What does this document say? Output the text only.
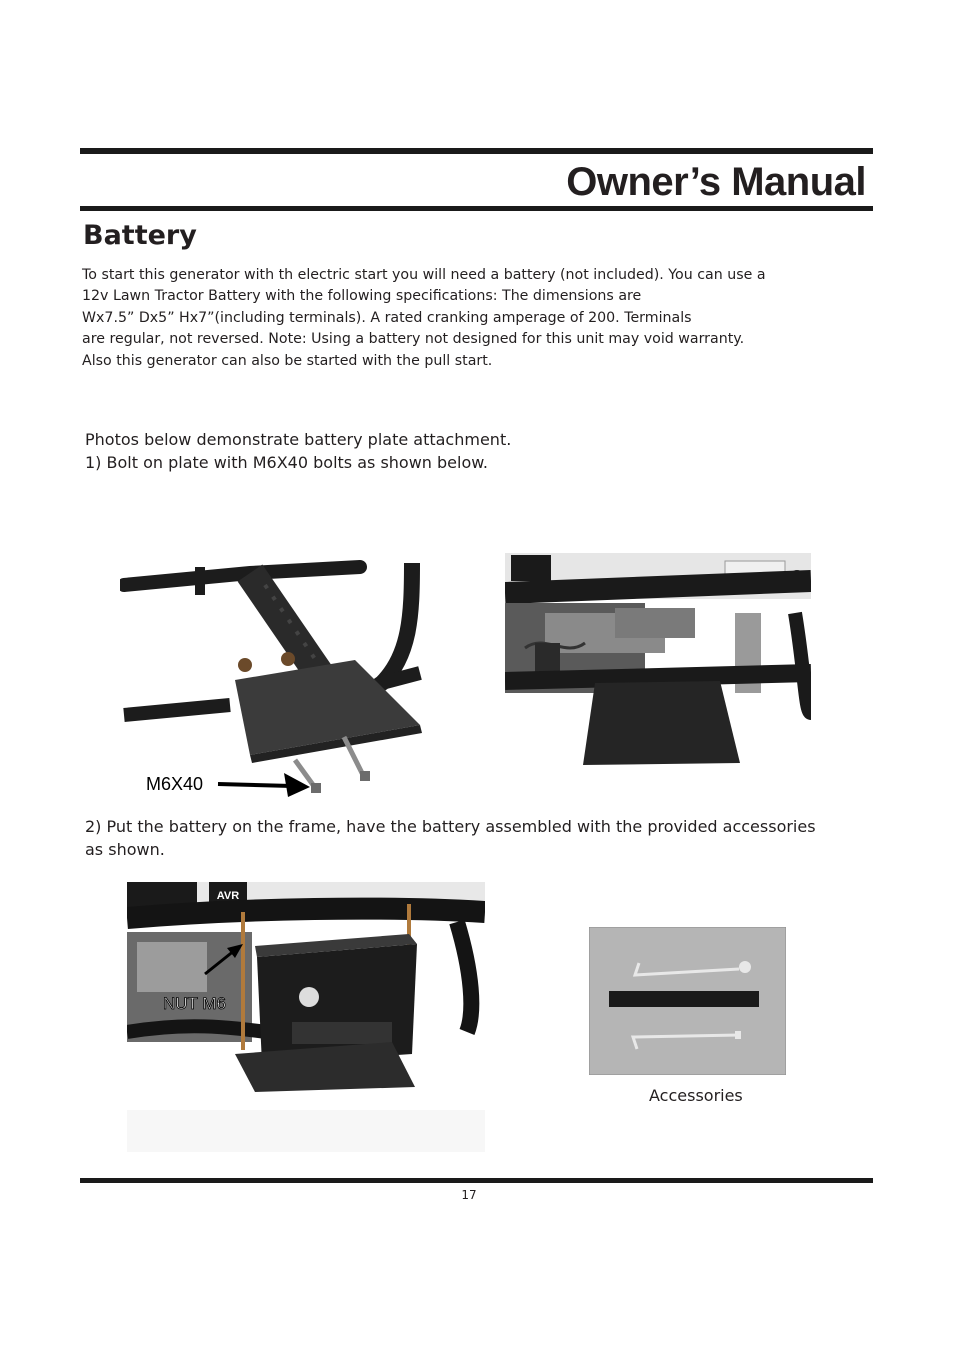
Owner’s Manual
Battery
To start this generator with th electric start you will need a battery (not included). You can use a
12v Lawn Tractor Battery with the following specifications: The dimensions are
Wx7.5” Dx5” Hx7”(including terminals). A rated cranking amperage of 200. Terminals
are regular, not reversed. Note: Using a battery not designed for this unit may void warranty.
Also this generator can also be started with the pull start.
Photos below demonstrate battery plate attachment.
1) Bolt on plate with M6X40 bolts as shown below.
M6X40
2) Put the battery on the frame, have the battery assembled with the provided accessories
as shown.
AVR
NUT M6
Accessories
17
